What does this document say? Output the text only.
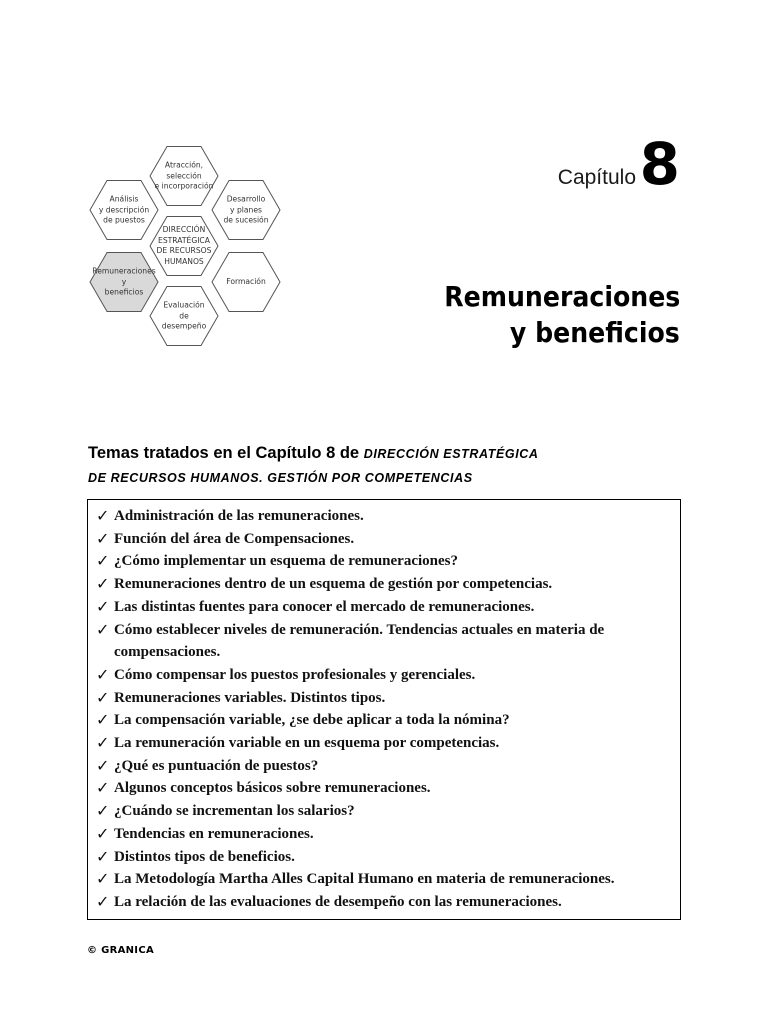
Atracción,
selección
e incorporación
Análisis
y descripción
de puestos
Desarrollo
y planes
de sucesión
DIRECCIÓN
ESTRATÉGICA
DE RECURSOS
HUMANOS
Remuneraciones
y
beneficios
Formación
Evaluación
de
desempeño
Capítulo 8
Remuneraciones
y beneficios
Temas tratados en el Capítulo 8 de DIRECCIÓN ESTRATÉGICA
DE RECURSOS HUMANOS. GESTIÓN POR COMPETENCIAS
✓ Administración de las remuneraciones.
✓ Función del área de Compensaciones.
✓ ¿Cómo implementar un esquema de remuneraciones?
✓ Remuneraciones dentro de un esquema de gestión por competencias.
✓ Las distintas fuentes para conocer el mercado de remuneraciones.
✓ Cómo establecer niveles de remuneración. Tendencias actuales en materia de compensaciones.
✓ Cómo compensar los puestos profesionales y gerenciales.
✓ Remuneraciones variables. Distintos tipos.
✓ La compensación variable, ¿se debe aplicar a toda la nómina?
✓ La remuneración variable en un esquema por competencias.
✓ ¿Qué es puntuación de puestos?
✓ Algunos conceptos básicos sobre remuneraciones.
✓ ¿Cuándo se incrementan los salarios?
✓ Tendencias en remuneraciones.
✓ Distintos tipos de beneficios.
✓ La Metodología Martha Alles Capital Humano en materia de remuneraciones.
✓ La relación de las evaluaciones de desempeño con las remuneraciones.
© GRANICA
